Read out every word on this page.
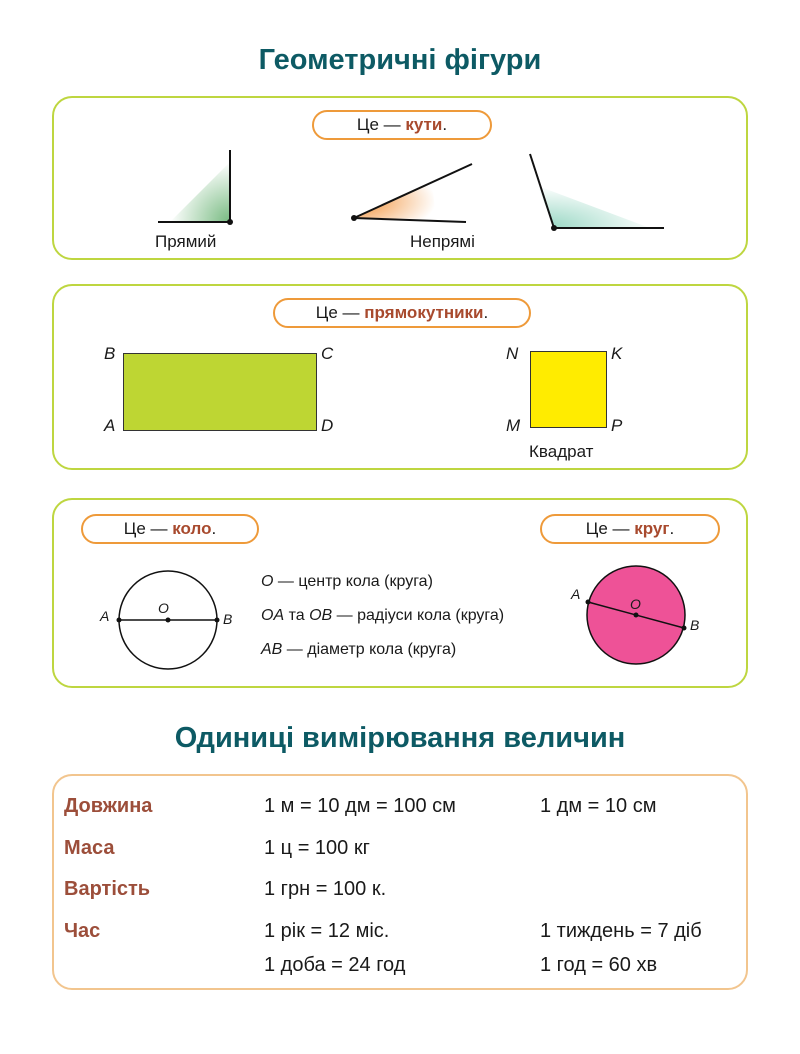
Геометричні фігури
Це — кути.
Прямий	Непрямі
Це — прямокутники.
B	C
A	D
N	K
M	P
Квадрат
Це — коло.	Це — круг.
A	O
B
A
O
B
O — центр кола (круга)
OA та OB — радіуси кола (круга)
AB — діаметр кола (круга)
Одиниці вимірювання величин
Довжина	1 м = 10 дм = 100 см	1 дм = 10 см
Маса	1 ц = 100 кг
Вартість	1 грн = 100 к.
Час	1 рік = 12 міс.	1 тиждень = 7 діб
1 доба = 24 год	1 год = 60 хв
